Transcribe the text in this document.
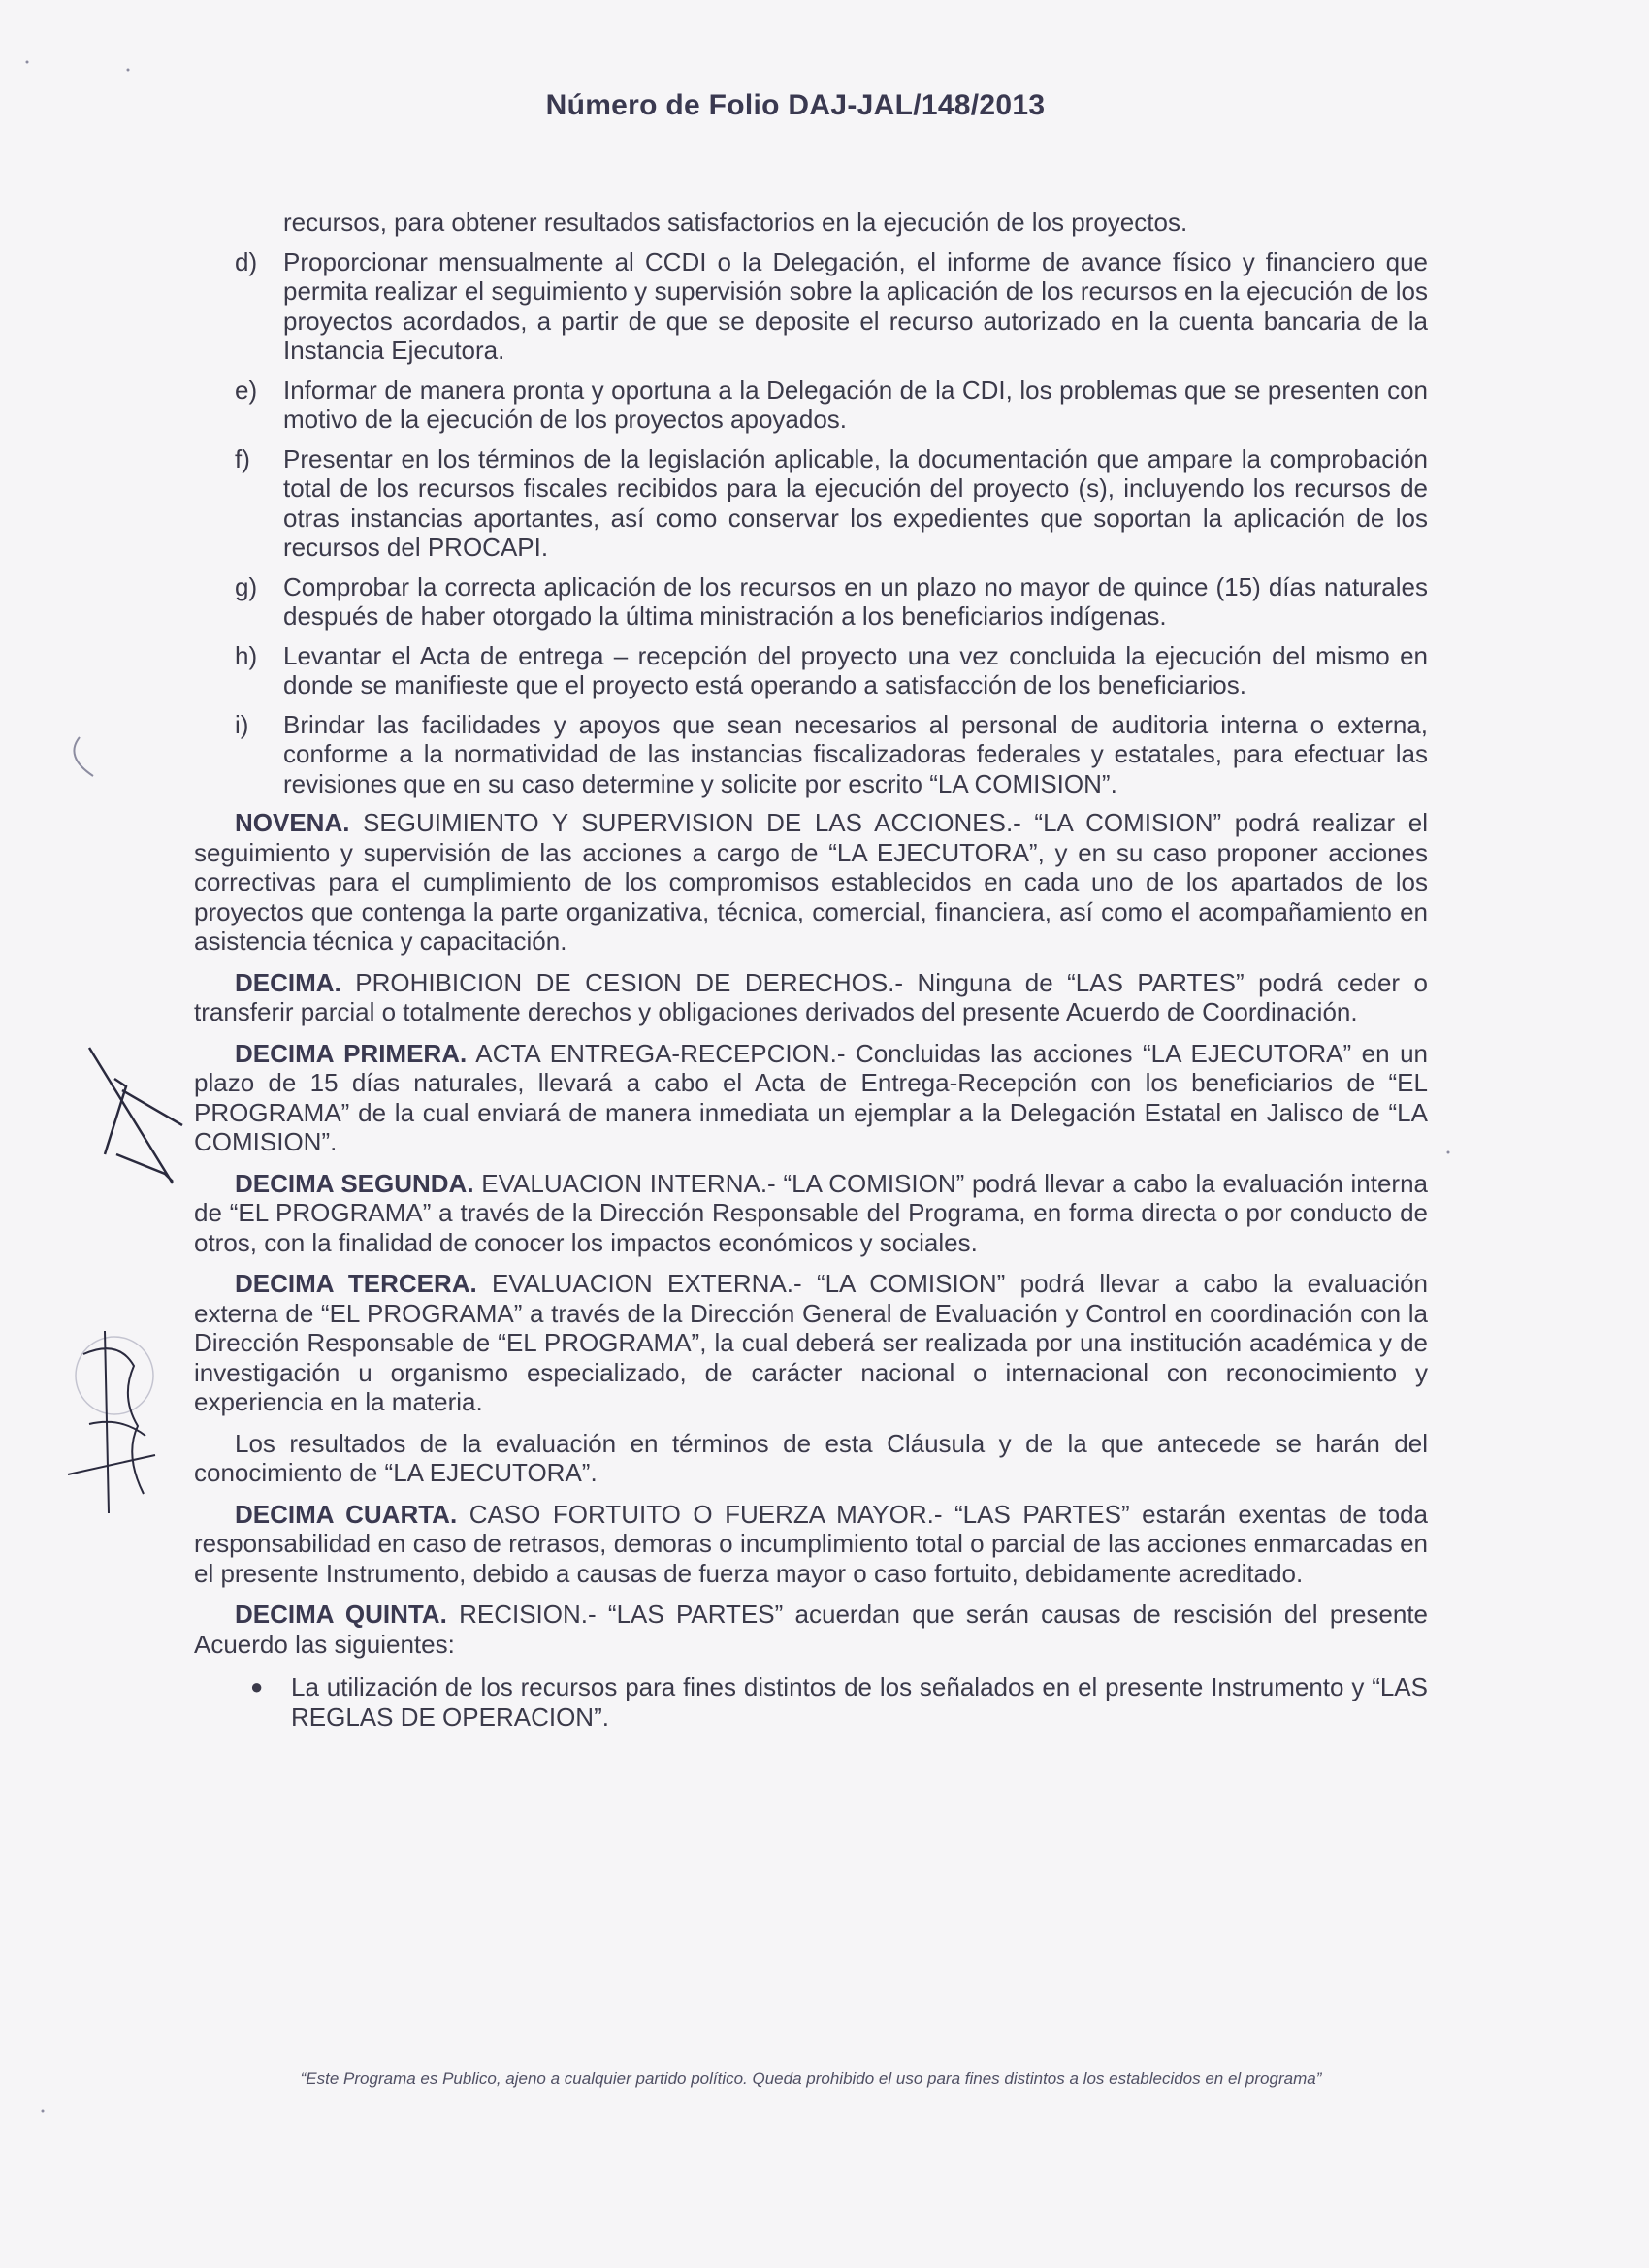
Número de Folio DAJ-JAL/148/2013
recursos, para obtener resultados satisfactorios en la ejecución de los proyectos.
d)	Proporcionar mensualmente al CCDI o la Delegación, el informe de avance físico y financiero que permita realizar el seguimiento y supervisión sobre la aplicación de los recursos en la ejecución de los proyectos acordados, a partir de que se deposite el recurso autorizado en la cuenta bancaria de la Instancia Ejecutora.
e)	Informar de manera pronta y oportuna a la Delegación de la CDI, los problemas que se presenten con motivo de la ejecución de los proyectos apoyados.
f)	Presentar en los términos de la legislación aplicable, la documentación que ampare la comprobación total de los recursos fiscales recibidos para la ejecución del proyecto (s), incluyendo los recursos de otras instancias aportantes, así como conservar los expedientes que soportan la aplicación de los recursos del PROCAPI.
g)	Comprobar la correcta aplicación de los recursos en un plazo no mayor de quince (15) días naturales después de haber otorgado la última ministración a los beneficiarios indígenas.
h)	Levantar el Acta de entrega – recepción del proyecto una vez concluida la ejecución del mismo en donde se manifieste que el proyecto está operando a satisfacción de los beneficiarios.
i)	Brindar las facilidades y apoyos que sean necesarios al personal de auditoria interna o externa, conforme a la normatividad de las instancias fiscalizadoras federales y estatales, para efectuar las revisiones que en su caso determine y solicite por escrito “LA COMISION”.

NOVENA. SEGUIMIENTO Y SUPERVISION DE LAS ACCIONES.- “LA COMISION” podrá realizar el seguimiento y supervisión de las acciones a cargo de “LA EJECUTORA”, y en su caso proponer acciones correctivas para el cumplimiento de los compromisos establecidos en cada uno de los apartados de los proyectos que contenga la parte organizativa, técnica, comercial, financiera, así como el acompañamiento en asistencia técnica y capacitación.

DECIMA. PROHIBICION DE CESION DE DERECHOS.- Ninguna de “LAS PARTES” podrá ceder o transferir parcial o totalmente derechos y obligaciones derivados del presente Acuerdo de Coordinación.

DECIMA PRIMERA. ACTA ENTREGA-RECEPCION.- Concluidas las acciones “LA EJECUTORA” en un plazo de 15 días naturales, llevará a cabo el Acta de Entrega-Recepción con los beneficiarios de “EL PROGRAMA” de la cual enviará de manera inmediata un ejemplar a la Delegación Estatal en Jalisco de “LA COMISION”.

DECIMA SEGUNDA. EVALUACION INTERNA.- “LA COMISION” podrá llevar a cabo la evaluación interna de “EL PROGRAMA” a través de la Dirección Responsable del Programa, en forma directa o por conducto de otros, con la finalidad de conocer los impactos económicos y sociales.

DECIMA TERCERA. EVALUACION EXTERNA.- “LA COMISION” podrá llevar a cabo la evaluación externa de “EL PROGRAMA” a través de la Dirección General de Evaluación y Control en coordinación con la Dirección Responsable de “EL PROGRAMA”, la cual deberá ser realizada por una institución académica y de investigación u organismo especializado, de carácter nacional o internacional con reconocimiento y experiencia en la materia.

Los resultados de la evaluación en términos de esta Cláusula y de la que antecede se harán del conocimiento de “LA EJECUTORA”.

DECIMA CUARTA. CASO FORTUITO O FUERZA MAYOR.- “LAS PARTES” estarán exentas de toda responsabilidad en caso de retrasos, demoras o incumplimiento total o parcial de las acciones enmarcadas en el presente Instrumento, debido a causas de fuerza mayor o caso fortuito, debidamente acreditado.

DECIMA QUINTA. RECISION.- “LAS PARTES” acuerdan que serán causas de rescisión del presente Acuerdo las siguientes:

●	La utilización de los recursos para fines distintos de los señalados en el presente Instrumento y “LAS REGLAS DE OPERACION”.
“Este Programa es Publico, ajeno a cualquier partido político. Queda prohibido el uso para fines distintos a los establecidos en el programa”
